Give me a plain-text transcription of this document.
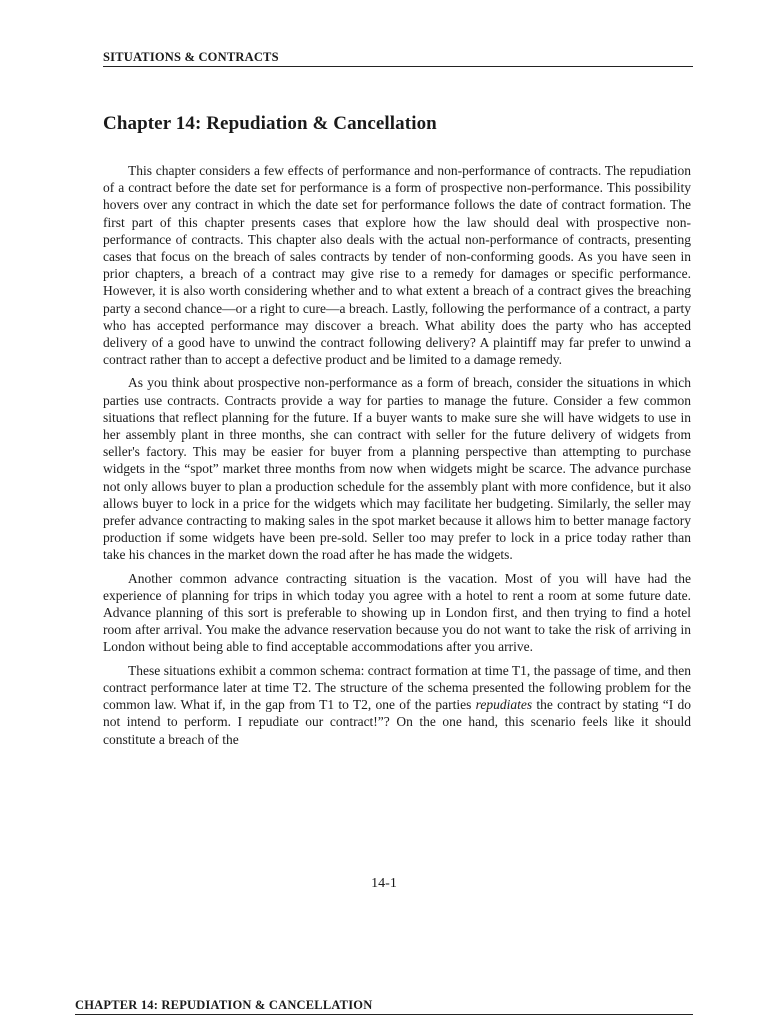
SITUATIONS & CONTRACTS
Chapter 14: Repudiation & Cancellation

This chapter considers a few effects of performance and non-performance of contracts. The repudiation of a contract before the date set for performance is a form of prospective non-performance. This possibility hovers over any contract in which the date set for performance follows the date of contract formation. The first part of this chapter presents cases that explore how the law should deal with prospective non-performance of contracts. This chapter also deals with the actual non-performance of contracts, presenting cases that focus on the breach of sales contracts by tender of non-conforming goods. As you have seen in prior chapters, a breach of a contract may give rise to a remedy for damages or specific performance. However, it is also worth considering whether and to what extent a breach of a contract gives the breaching party a second chance—or a right to cure—a breach. Lastly, following the performance of a contract, a party who has accepted performance may discover a breach. What ability does the party who has accepted delivery of a good have to unwind the contract following delivery? A plaintiff may far prefer to unwind a contract rather than to accept a defective product and be limited to a damage remedy.

As you think about prospective non-performance as a form of breach, consider the situations in which parties use contracts. Contracts provide a way for parties to manage the future. Consider a few common situations that reflect planning for the future. If a buyer wants to make sure she will have widgets to use in her assembly plant in three months, she can contract with seller for the future delivery of widgets from seller's factory. This may be easier for buyer from a planning perspective than attempting to purchase widgets in the “spot” market three months from now when widgets might be scarce. The advance purchase not only allows buyer to plan a production schedule for the assembly plant with more confidence, but it also allows buyer to lock in a price for the widgets which may facilitate her budgeting. Similarly, the seller may prefer advance contracting to making sales in the spot market because it allows him to better manage factory production if some widgets have been pre-sold. Seller too may prefer to lock in a price today rather than take his chances in the market down the road after he has made the widgets.

Another common advance contracting situation is the vacation. Most of you will have had the experience of planning for trips in which today you agree with a hotel to rent a room at some future date. Advance planning of this sort is preferable to showing up in London first, and then trying to find a hotel room after arrival. You make the advance reservation because you do not want to take the risk of arriving in London without being able to find acceptable accommodations after you arrive.

These situations exhibit a common schema: contract formation at time T1, the passage of time, and then contract performance later at time T2. The structure of the schema presented the following problem for the common law. What if, in the gap from T1 to T2, one of the parties repudiates the contract by stating “I do not intend to perform. I repudiate our contract!”? On the one hand, this scenario feels like it should constitute a breach of the

14-1
CHAPTER 14: REPUDIATION & CANCELLATION
